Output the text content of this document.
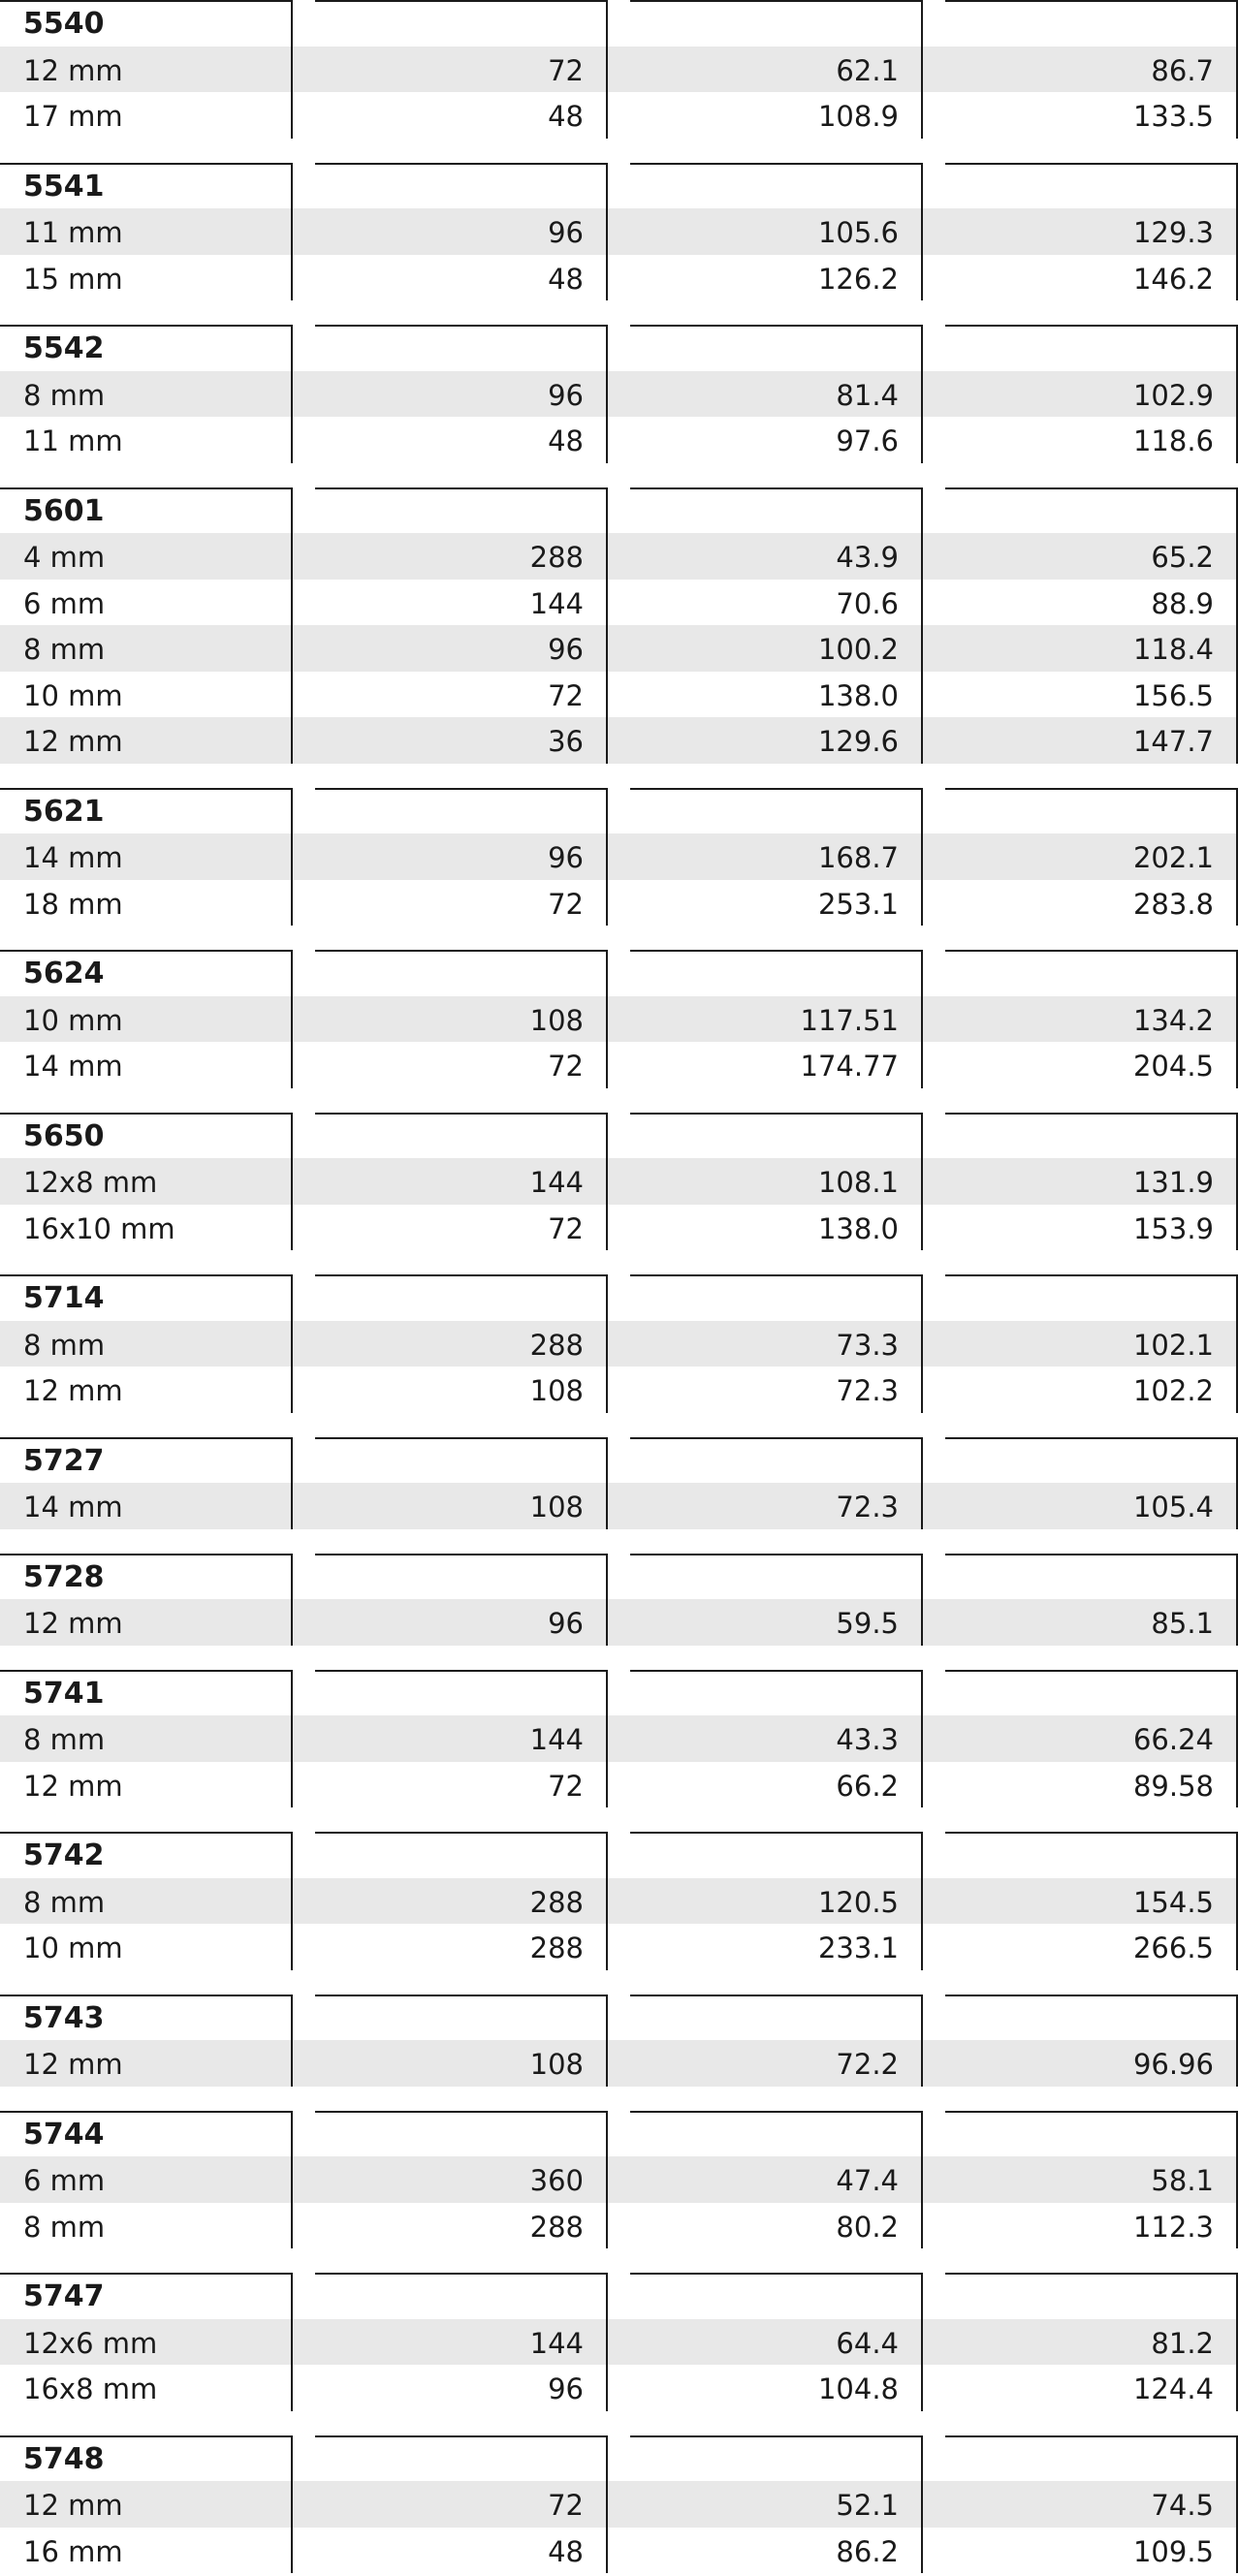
5540
12 mm	72	62.1	86.7
17 mm	48	108.9	133.5
5541
11 mm	96	105.6	129.3
15 mm	48	126.2	146.2
5542
8 mm	96	81.4	102.9
11 mm	48	97.6	118.6
5601
4 mm	288	43.9	65.2
6 mm	144	70.6	88.9
8 mm	96	100.2	118.4
10 mm	72	138.0	156.5
12 mm	36	129.6	147.7
5621
14 mm	96	168.7	202.1
18 mm	72	253.1	283.8
5624
10 mm	108	117.51	134.2
14 mm	72	174.77	204.5
5650
12x8 mm	144	108.1	131.9
16x10 mm	72	138.0	153.9
5714
8 mm	288	73.3	102.1
12 mm	108	72.3	102.2
5727
14 mm	108	72.3	105.4
5728
12 mm	96	59.5	85.1
5741
8 mm	144	43.3	66.24
12 mm	72	66.2	89.58
5742
8 mm	288	120.5	154.5
10 mm	288	233.1	266.5
5743
12 mm	108	72.2	96.96
5744
6 mm	360	47.4	58.1
8 mm	288	80.2	112.3
5747
12x6 mm	144	64.4	81.2
16x8 mm	96	104.8	124.4
5748
12 mm	72	52.1	74.5
16 mm	48	86.2	109.5
